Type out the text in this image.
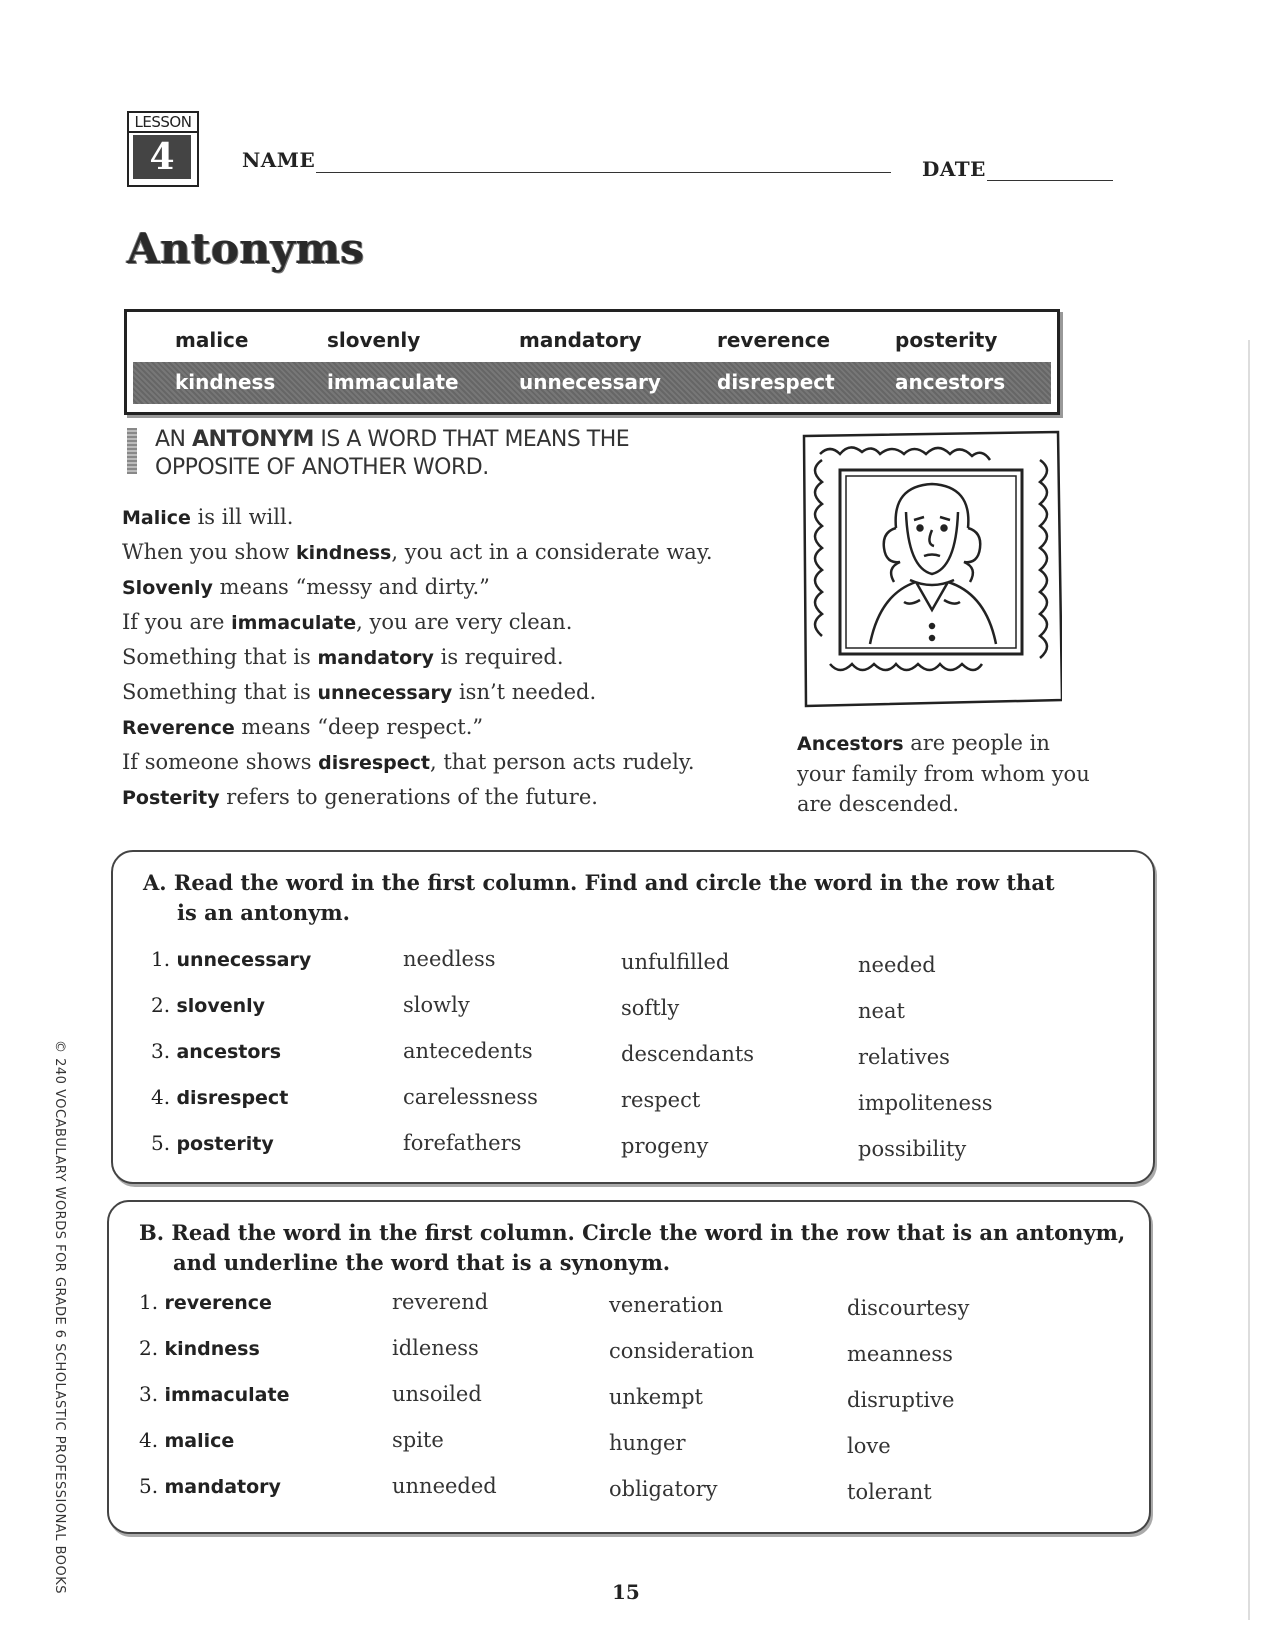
LESSON
4	NAME	DATE
Antonyms
malice	slovenly	mandatory	reverence	posterity
kindness	immaculate	unnecessary	disrespect	ancestors
AN ANTONYM IS A WORD THAT MEANS THE
OPPOSITE OF ANOTHER WORD.
Malice is ill will.
When you show kindness, you act in a considerate way.
Slovenly means “messy and dirty.”
If you are immaculate, you are very clean.
Something that is mandatory is required.
Something that is unnecessary isn’t needed.
Reverence means “deep respect.”
If someone shows disrespect, that person acts rudely.
Posterity refers to generations of the future.
Ancestors are people in
your family from whom you
are descended.
A. Read the word in the first column. Find and circle the word in the row that
is an antonym.
1. unnecessary	needless	unfulfilled	needed
2. slovenly	slowly	softly	neat
3. ancestors	antecedents	descendants	relatives
4. disrespect	carelessness	respect	impoliteness
5. posterity	forefathers	progeny	possibility
B. Read the word in the first column. Circle the word in the row that is an antonym,
and underline the word that is a synonym.
1. reverence	reverend	veneration	discourtesy
2. kindness	idleness	consideration	meanness
3. immaculate	unsoiled	unkempt	disruptive
4. malice	spite	hunger	love
5. mandatory	unneeded	obligatory	tolerant
© 240 VOCABULARY WORDS FOR GRADE 6 SCHOLASTIC PROFESSIONAL BOOKS	15
